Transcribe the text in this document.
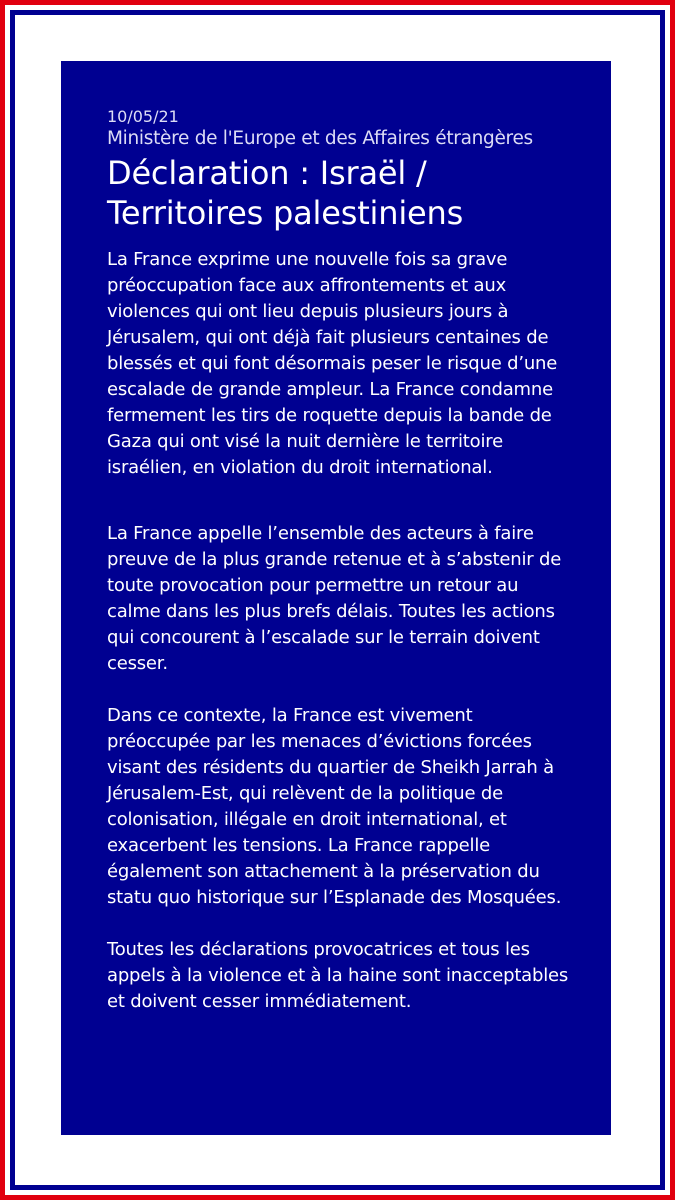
10/05/21

Ministère de l'Europe et des Affaires étrangères

Déclaration : Israël / Territoires palestiniens

La France exprime une nouvelle fois sa grave préoccupation face aux affrontements et aux violences qui ont lieu depuis plusieurs jours à Jérusalem, qui ont déjà fait plusieurs centaines de blessés et qui font désormais peser le risque d’une escalade de grande ampleur. La France condamne fermement les tirs de roquette depuis la bande de Gaza qui ont visé la nuit dernière le territoire israélien, en violation du droit international.

La France appelle l’ensemble des acteurs à faire preuve de la plus grande retenue et à s’abstenir de toute provocation pour permettre un retour au calme dans les plus brefs délais. Toutes les actions qui concourent à l’escalade sur le terrain doivent cesser.

Dans ce contexte, la France est vivement préoccupée par les menaces d’évictions forcées visant des résidents du quartier de Sheikh Jarrah à Jérusalem-Est, qui relèvent de la politique de colonisation, illégale en droit international, et exacerbent les tensions. La France rappelle également son attachement à la préservation du statu quo historique sur l’Esplanade des Mosquées.

Toutes les déclarations provocatrices et tous les appels à la violence et à la haine sont inacceptables et doivent cesser immédiatement.
